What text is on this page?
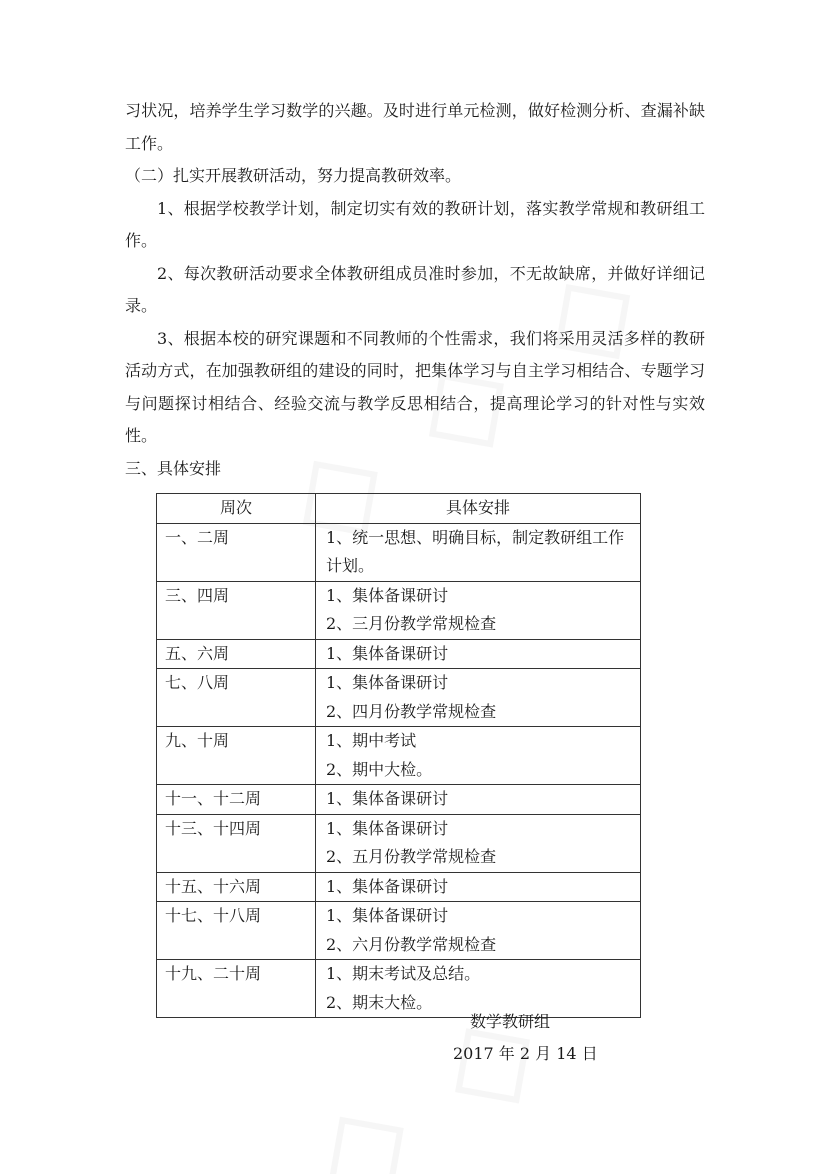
习状况，培养学生学习数学的兴趣。及时进行单元检测，做好检测分析、查漏补缺工作。

（二）扎实开展教研活动，努力提高教研效率。

1、根据学校教学计划，制定切实有效的教研计划，落实教学常规和教研组工作。

2、每次教研活动要求全体教研组成员准时参加，不无故缺席，并做好详细记录。

3、根据本校的研究课题和不同教师的个性需求，我们将采用灵活多样的教研活动方式，在加强教研组的建设的同时，把集体学习与自主学习相结合、专题学习与问题探讨相结合、经验交流与教学反思相结合，提高理论学习的针对性与实效性。

三、具体安排

周次	具体安排
一、二周	1、统一思想、明确目标，制定教研组工作计划。

三、四周	1、集体备课研讨
2、三月份教学常规检查

五、六周	1、集体备课研讨

七、八周	1、集体备课研讨
2、四月份教学常规检查

九、十周	1、期中考试
2、期中大检。

十一、十二周	1、集体备课研讨

十三、十四周	1、集体备课研讨
2、五月份教学常规检查

十五、十六周	1、集体备课研讨

十七、十八周	1、集体备课研讨
2、六月份教学常规检查

十九、二十周	1、期末考试及总结。
2、期末大检。
数学教研组
2017 年 2 月 14 日
